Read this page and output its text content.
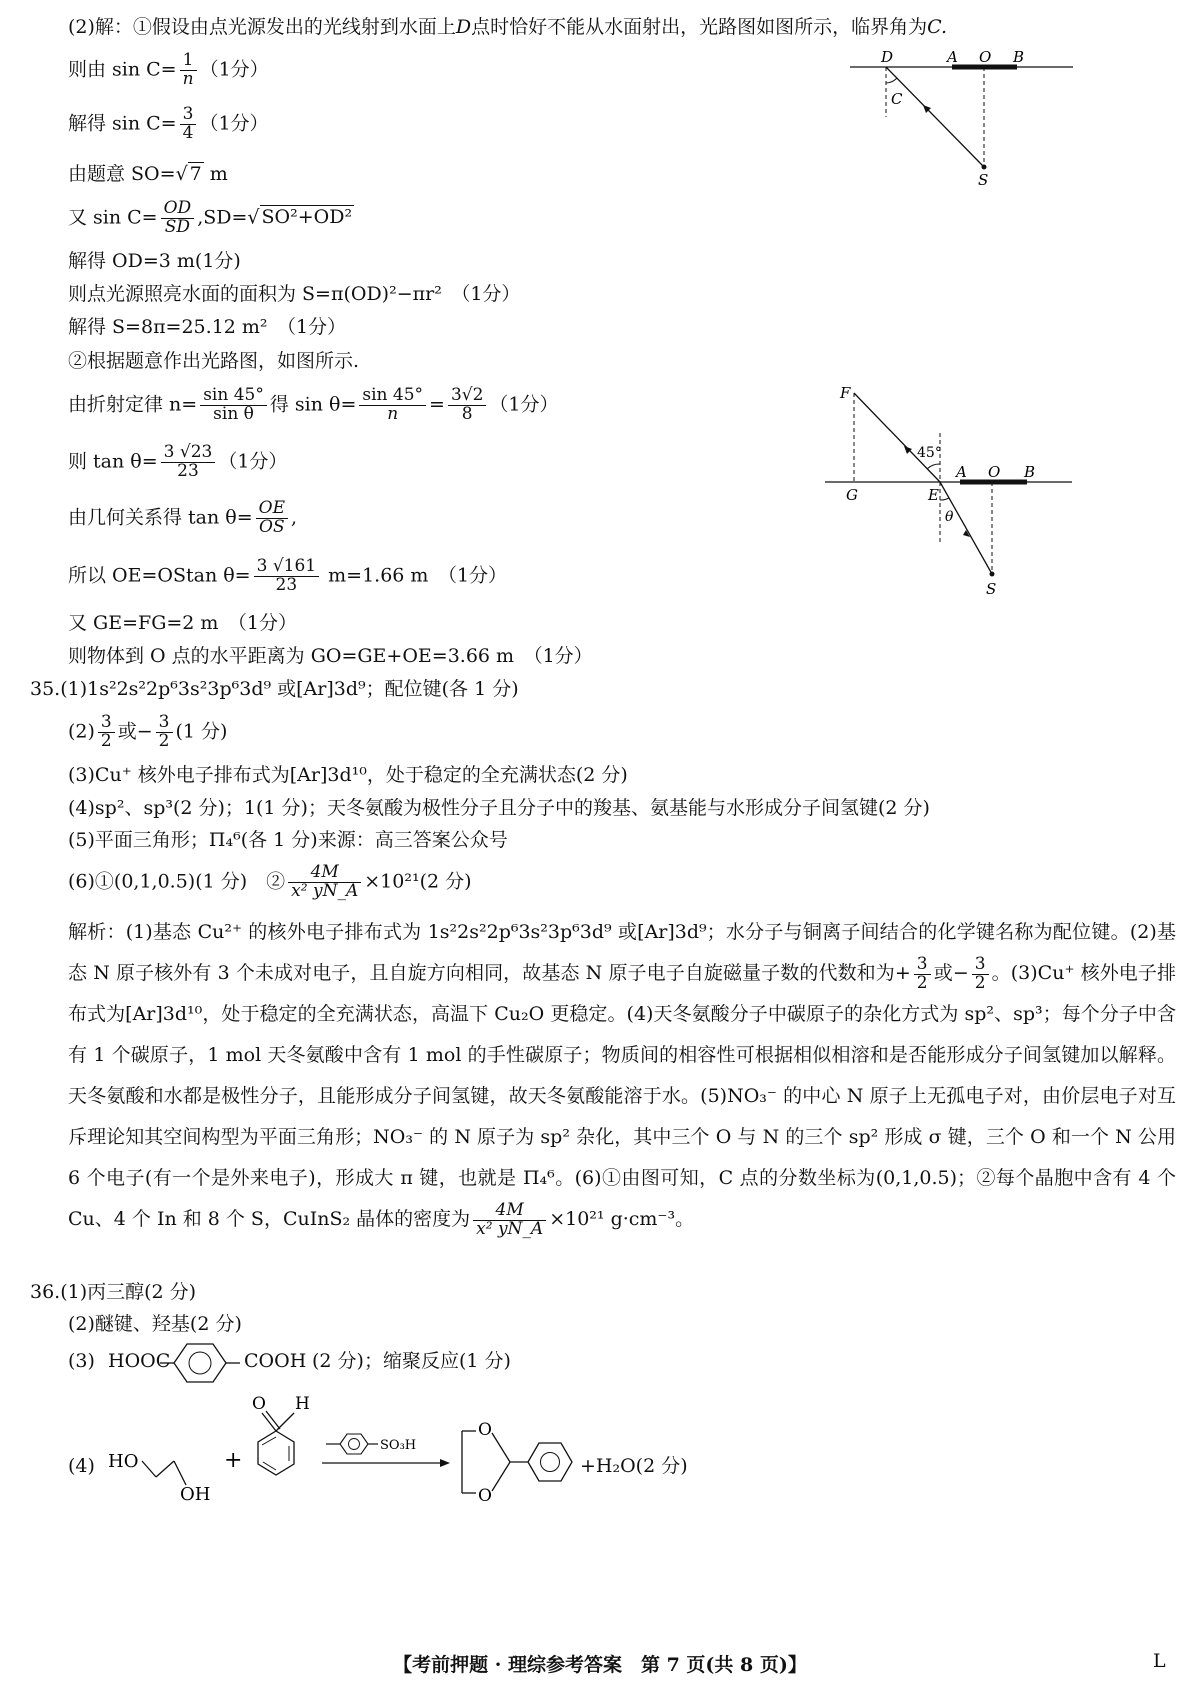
(2)解：①假设由点光源发出的光线射到水面上D点时恰好不能从水面射出，光路图如图所示，临界角为C.
则由 $\sin C= \frac{1}{n} (1$分）
解得 $\sin C= \frac{3}{4} (1$分）
由题意 SO=√ 7 m
又 $\sin C= \frac{OD}{SD} ,SD=√$ SO²+OD²
解得 OD=3 m(1分)
则点光源照亮水面的面积为 S=π(OD)²−πr²　（1分）
解得 S=8π=25.12 m²　（1分）
②根据题意作出光路图，如图所示.
由折射定律 $n= \frac{\sin 45^\circ}{\text{sin θ}}$ 得 $\sin \theta= \frac{\sin 45^\circ}{n} = \frac{3√2}{8} (1$分）
则 $\tan \theta= \frac{3 √23}{23} (1$分）
由几何关系得 $\tan \theta= \frac{OE}{OS}$ ,
所以 OE=OStan $\theta= \frac{3 √161}{23} m=1.66$ m　（1分）
又 GE=FG=2 m　（1分）
则物体到 O 点的水平距离为 GO=GE+OE=3.66 m　（1分）
D	A O B
C
S
F
45°
A O B
G	E
θ
S
35.(1)1s²2s²2p⁶3s²3p⁶3d⁹ 或[Ar]3d⁹；配位键(各 1 分)
$(2) \frac{3}{2}$ 或− $\frac{3}{2} (1$ 分)
(3)Cu⁺ 核外电子排布式为[Ar]3d¹⁰，处于稳定的全充满状态(2 分)
(4)sp²、sp³(2 分)；1(1 分)；天冬氨酸为极性分子且分子中的羧基、氨基能与水形成分子间氢键(2 分)
(5)平面三角形；Π₄⁶(各 1 分)来源：高三答案公众号
(6)①(0,1,0.5)(1 分)　② $\frac{4M}{\text{x² yN\_A}} \times 10^{21}(2$ 分)
解析：(1)基态 Cu²⁺ 的核外电子排布式为 1s²2s²2p⁶3s²3p⁶3d⁹ 或[Ar]3d⁹；水分子与铜离子间结合的化学键名称为配位键。(2)基态 N 原子核外有 3 个未成对电子，且自旋方向相同，故基态 N 原子电子自旋磁量子数的代数和为+ $\frac{3}{2}$ 或− $\frac{3}{2}$ 。(3)Cu⁺ 核外电子排布式为[Ar]3d¹⁰，处于稳定的全充满状态，高温下 Cu₂O 更稳定。(4)天冬氨酸分子中碳原子的杂化方式为 sp²、sp³；每个分子中含有 1 个碳原子，1 mol 天冬氨酸中含有 1 mol 的手性碳原子；物质间的相容性可根据相似相溶和是否能形成分子间氢键加以解释。天冬氨酸和水都是极性分子，且能形成分子间氢键，故天冬氨酸能溶于水。(5)NO₃⁻ 的中心 N 原子上无孤电子对，由价层电子对互斥理论知其空间构型为平面三角形；NO₃⁻ 的 N 原子为 sp² 杂化，其中三个 O 与 N 的三个 sp² 形成 σ 键，三个 O 和一个 N 公用 6 个电子(有一个是外来电子)，形成大 π 键，也就是 Π₄⁶。(6)①由图可知，C 点的分数坐标为(0,1,0.5)；②每个晶胞中含有 4 个 Cu、4 个 In 和 8 个 S，CuInS₂ 晶体的密度为 $\frac{4M}{\text{x² yN\_A}} \times 10^{21}$ g·cm⁻³。
36.(1)丙三醇(2 分)
(2)醚键、羟基(2 分)
(3) HOOC	COOH (2 分)；缩聚反应(1 分)
(4) HO
OH
+
O H
SO₃H
O
O
+H₂O(2 分)
【考前押题 · 理综参考答案　第 7 页(共 8 页)】	L
